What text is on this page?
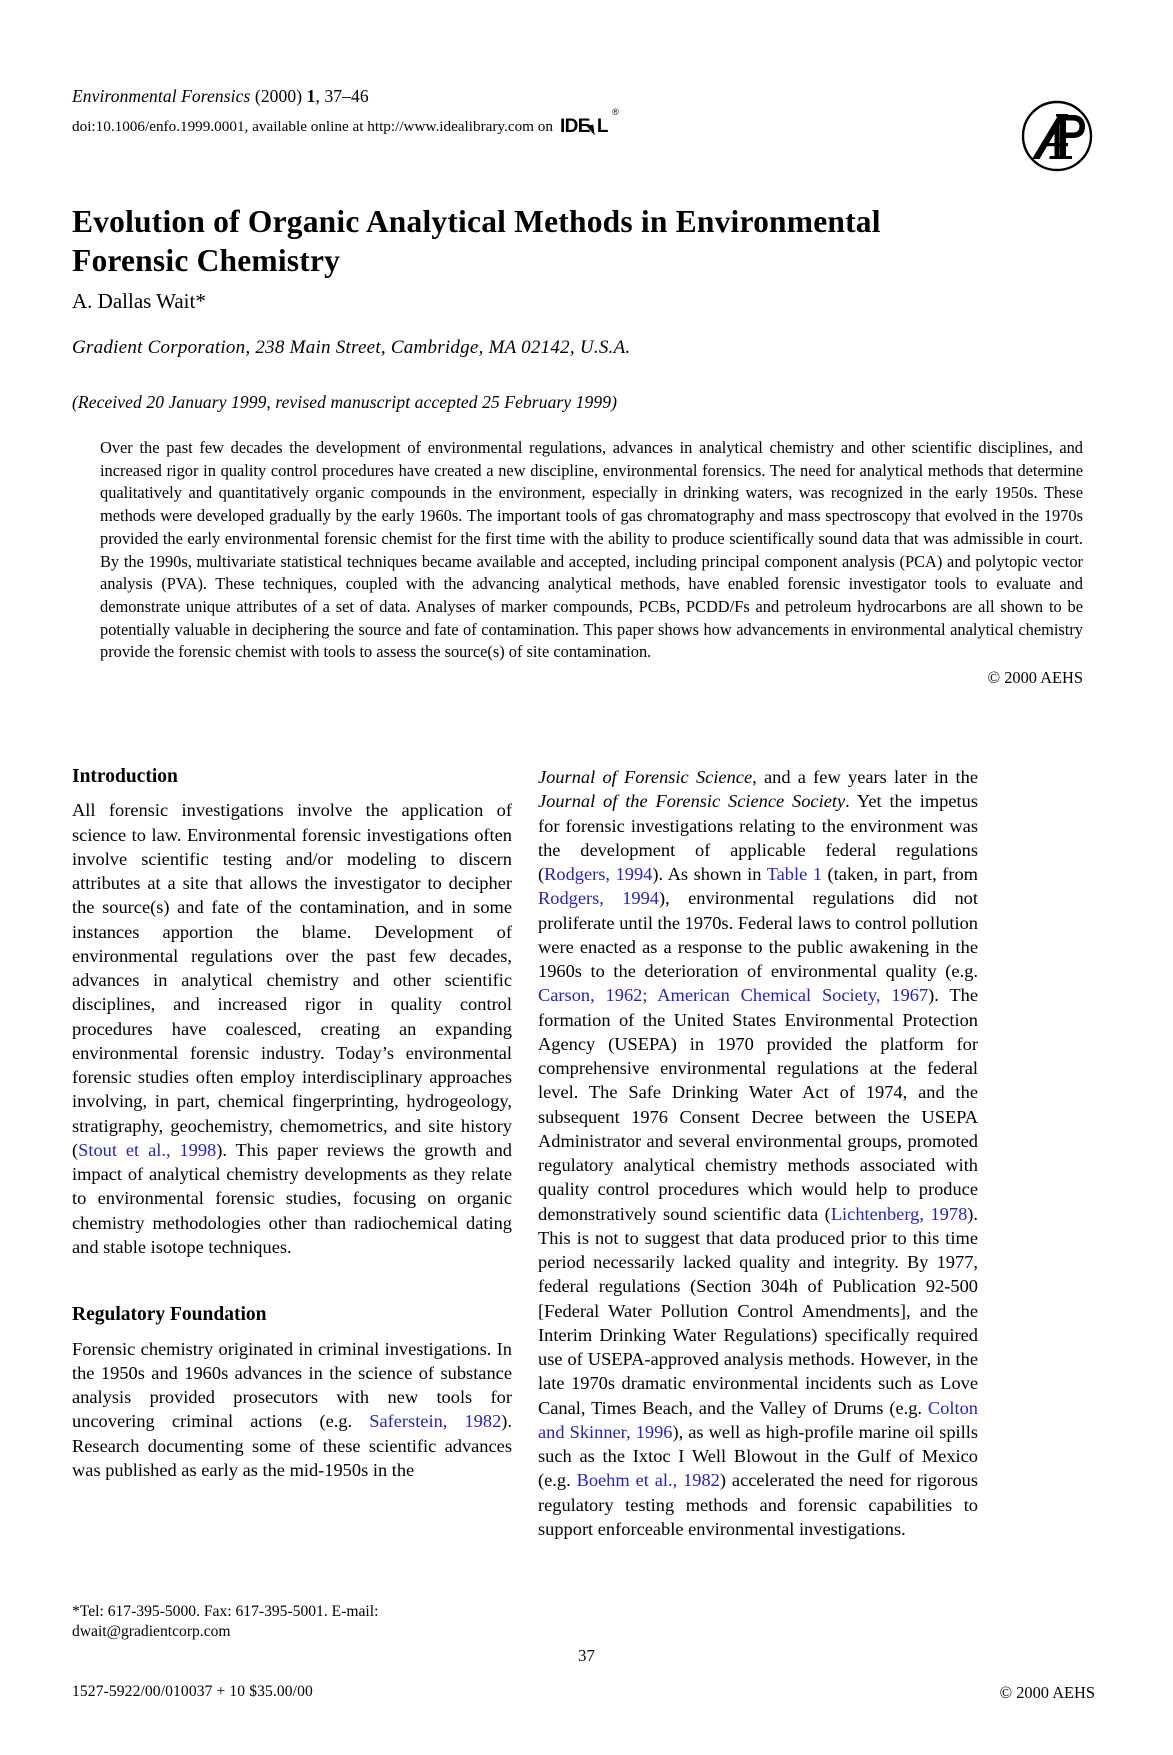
Environmental Forensics (2000) 1, 37–46
doi:10.1006/enfo.1999.0001, available online at http://www.idealibrary.com on IDE L
®
Evolution of Organic Analytical Methods in Environmental Forensic Chemistry
A. Dallas Wait*
Gradient Corporation, 238 Main Street, Cambridge, MA 02142, U.S.A.
(Received 20 January 1999, revised manuscript accepted 25 February 1999)
Over the past few decades the development of environmental regulations, advances in analytical chemistry and other scientific disciplines, and increased rigor in quality control procedures have created a new discipline, environmental forensics. The need for analytical methods that determine qualitatively and quantitatively organic compounds in the environment, especially in drinking waters, was recognized in the early 1950s. These methods were developed gradually by the early 1960s. The important tools of gas chromatography and mass spectroscopy that evolved in the 1970s provided the early environmental forensic chemist for the first time with the ability to produce scientifically sound data that was admissible in court. By the 1990s, multivariate statistical techniques became available and accepted, including principal component analysis (PCA) and polytopic vector analysis (PVA). These techniques, coupled with the advancing analytical methods, have enabled forensic investigator tools to evaluate and demonstrate unique attributes of a set of data. Analyses of marker compounds, PCBs, PCDD/Fs and petroleum hydrocarbons are all shown to be potentially valuable in deciphering the source and fate of contamination. This paper shows how advancements in environmental analytical chemistry provide the forensic chemist with tools to assess the source(s) of site contamination.
© 2000 AEHS
Introduction

All forensic investigations involve the application of science to law. Environmental forensic investigations often involve scientific testing and/or modeling to discern attributes at a site that allows the investigator to decipher the source(s) and fate of the contamination, and in some instances apportion the blame. Development of environmental regulations over the past few decades, advances in analytical chemistry and other scientific disciplines, and increased rigor in quality control procedures have coalesced, creating an expanding environmental forensic industry. Today’s environmental forensic studies often employ interdisciplinary approaches involving, in part, chemical fingerprinting, hydrogeology, stratigraphy, geochemistry, chemometrics, and site history (Stout et al., 1998). This paper reviews the growth and impact of analytical chemistry developments as they relate to environmental forensic studies, focusing on organic chemistry methodologies other than radiochemical dating and stable isotope techniques.

Regulatory Foundation

Forensic chemistry originated in criminal investigations. In the 1950s and 1960s advances in the science of substance analysis provided prosecutors with new tools for uncovering criminal actions (e.g. Saferstein, 1982). Research documenting some of these scientific advances was published as early as the mid-1950s in the

Journal of Forensic Science, and a few years later in the Journal of the Forensic Science Society. Yet the impetus for forensic investigations relating to the environment was the development of applicable federal regulations (Rodgers, 1994). As shown in Table 1 (taken, in part, from Rodgers, 1994), environmental regulations did not proliferate until the 1970s. Federal laws to control pollution were enacted as a response to the public awakening in the 1960s to the deterioration of environmental quality (e.g. Carson, 1962; American Chemical Society, 1967). The formation of the United States Environmental Protection Agency (USEPA) in 1970 provided the platform for comprehensive environmental regulations at the federal level. The Safe Drinking Water Act of 1974, and the subsequent 1976 Consent Decree between the USEPA Administrator and several environmental groups, promoted regulatory analytical chemistry methods associated with quality control procedures which would help to produce demonstratively sound scientific data (Lichtenberg, 1978). This is not to suggest that data produced prior to this time period necessarily lacked quality and integrity. By 1977, federal regulations (Section 304h of Publication 92-500 [Federal Water Pollution Control Amendments], and the Interim Drinking Water Regulations) specifically required use of USEPA-approved analysis methods. However, in the late 1970s dramatic environmental incidents such as Love Canal, Times Beach, and the Valley of Drums (e.g. Colton and Skinner, 1996), as well as high-profile marine oil spills such as the Ixtoc I Well Blowout in the Gulf of Mexico (e.g. Boehm et al., 1982) accelerated the need for rigorous regulatory testing methods and forensic capabilities to support enforceable environmental investigations.

*Tel: 617-395-5000. Fax: 617-395-5001. E-mail: dwait@gradientcorp.com
37
1527-5922/00/010037 + 10 $35.00/00	© 2000 AEHS
